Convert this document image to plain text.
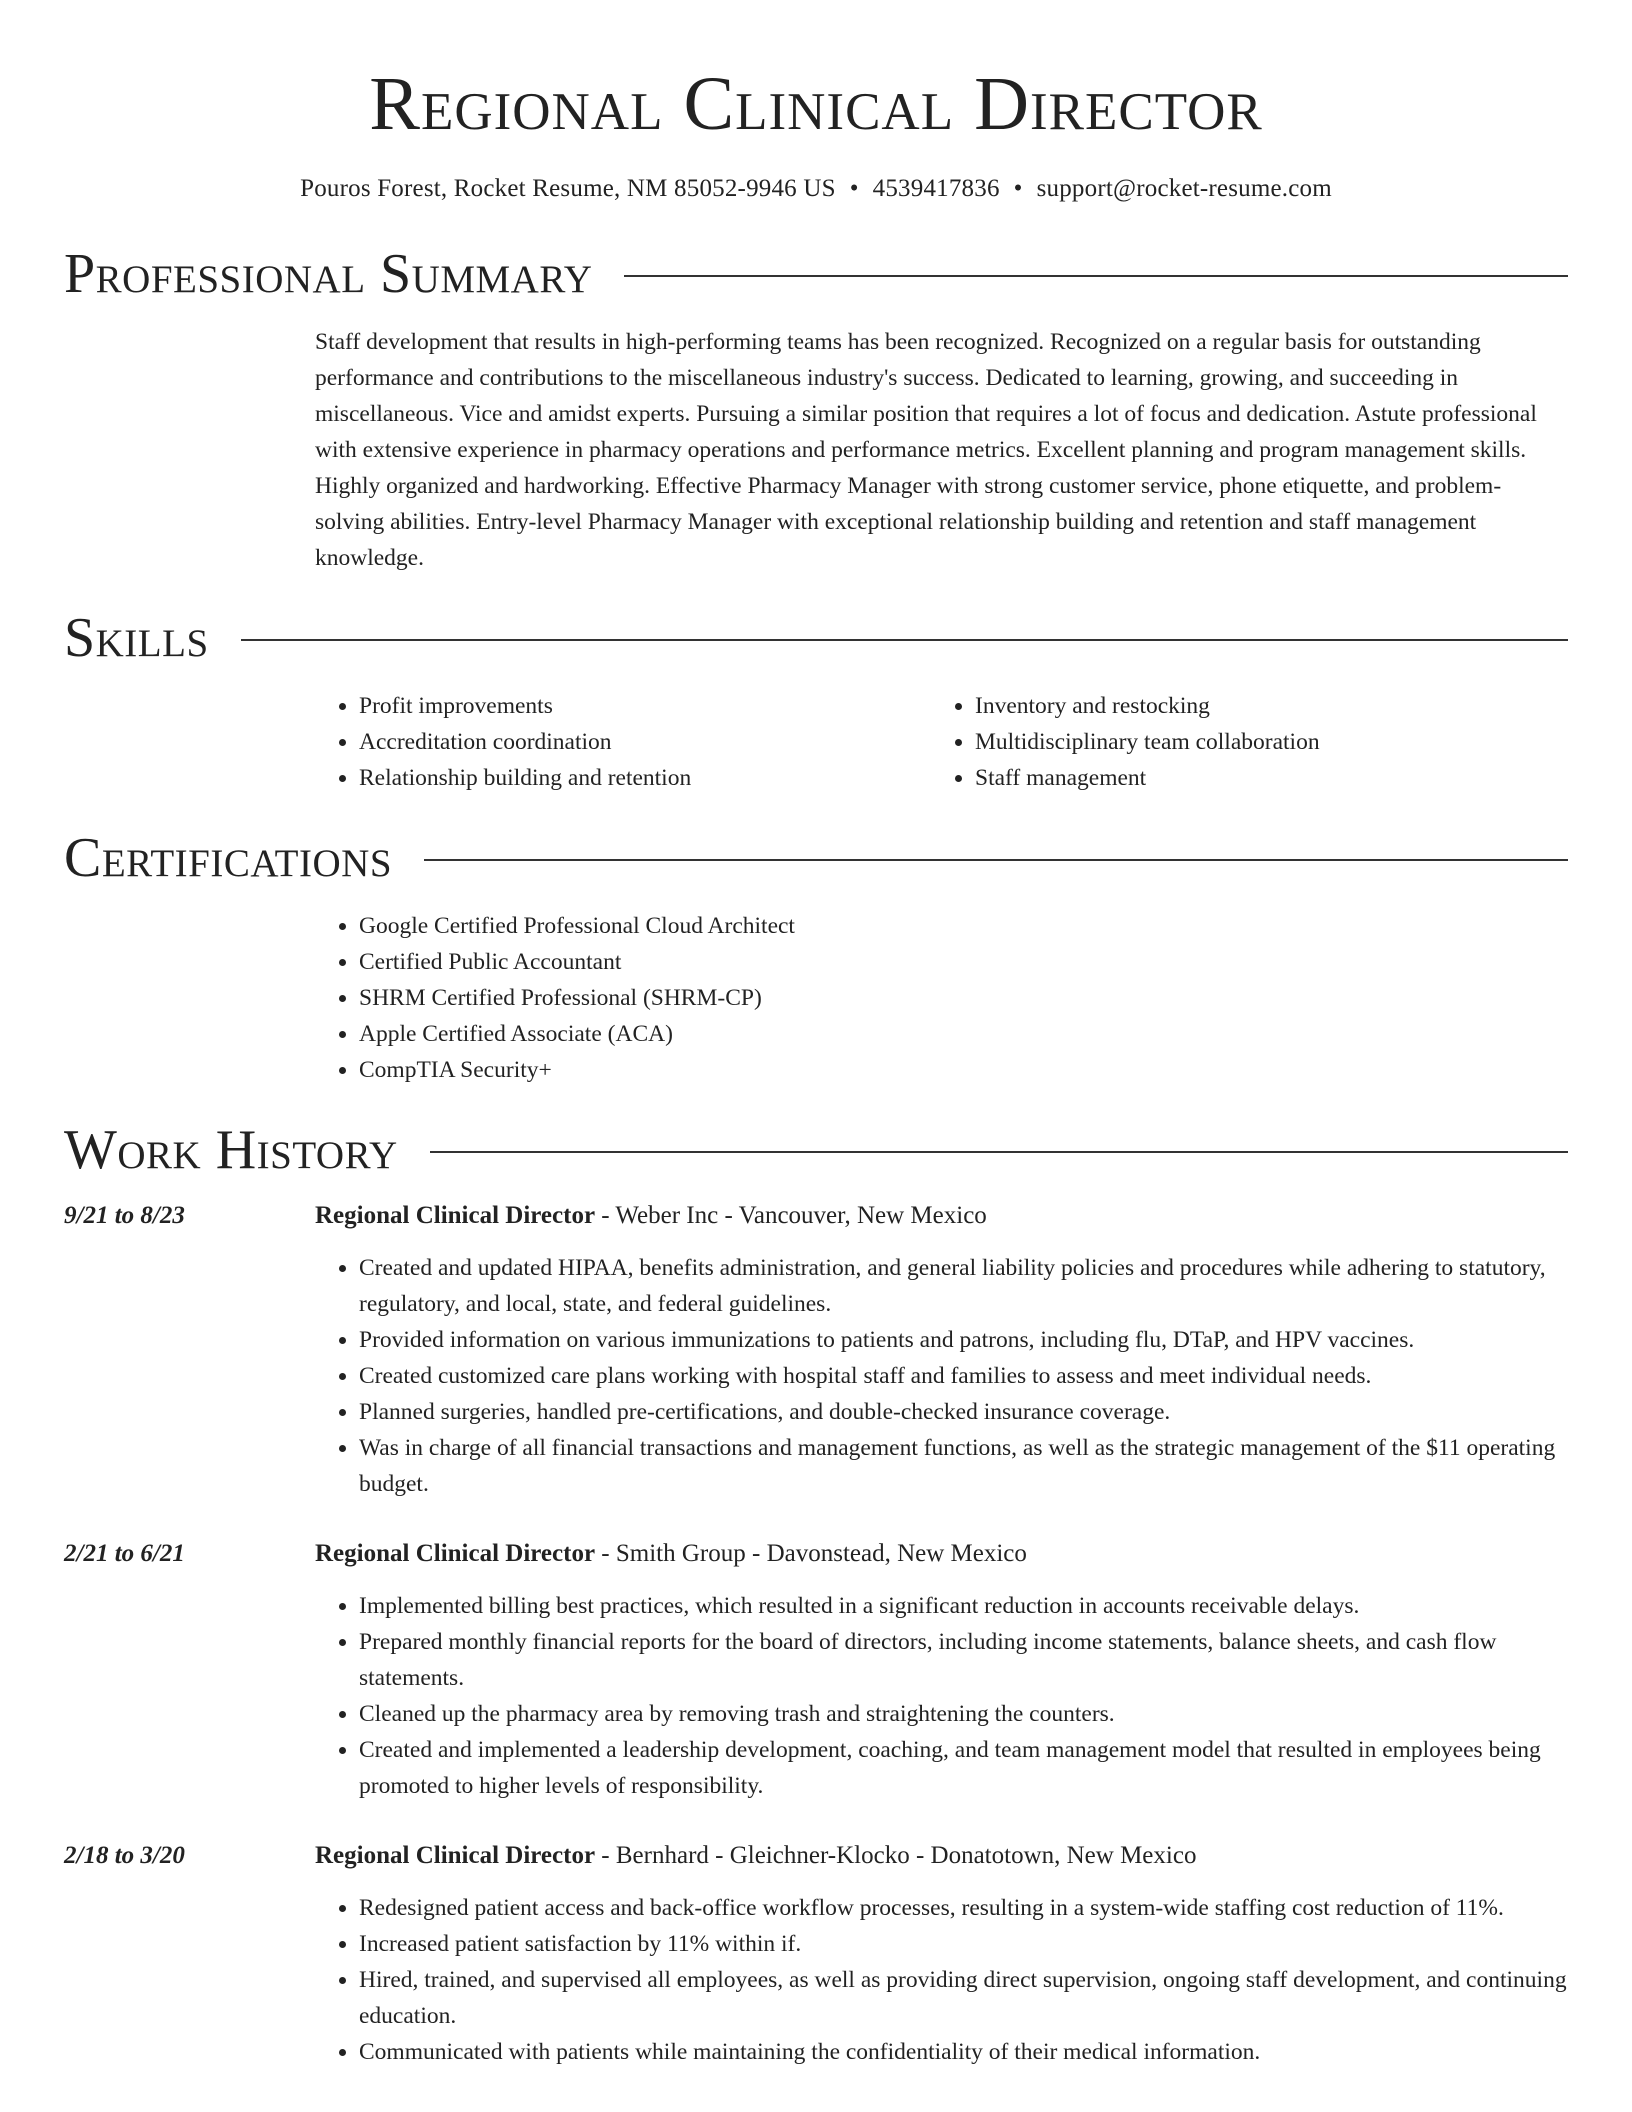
Regional Clinical Director
Pouros Forest, Rocket Resume, NM 85052-9946 US • 4539417836 • support@rocket-resume.com
Professional Summary

Staff development that results in high-performing teams has been recognized. Recognized on a regular basis for outstanding performance and contributions to the miscellaneous industry's success. Dedicated to learning, growing, and succeeding in miscellaneous. Vice and amidst experts. Pursuing a similar position that requires a lot of focus and dedication. Astute professional with extensive experience in pharmacy operations and performance metrics. Excellent planning and program management skills. Highly organized and hardworking. Effective Pharmacy Manager with strong customer service, phone etiquette, and problem-solving abilities. Entry-level Pharmacy Manager with exceptional relationship building and retention and staff management knowledge.

Skills
• Profit improvements
• Accreditation coordination
• Relationship building and retention
• Inventory and restocking
• Multidisciplinary team collaboration
• Staff management
Certifications
• Google Certified Professional Cloud Architect
• Certified Public Accountant
• SHRM Certified Professional (SHRM-CP)
• Apple Certified Associate (ACA)
• CompTIA Security+
Work History
9/21 to 8/23	Regional Clinical Director - Weber Inc - Vancouver, New Mexico
• Created and updated HIPAA, benefits administration, and general liability policies and procedures while adhering to statutory, regulatory, and local, state, and federal guidelines.
• Provided information on various immunizations to patients and patrons, including flu, DTaP, and HPV vaccines.
• Created customized care plans working with hospital staff and families to assess and meet individual needs.
• Planned surgeries, handled pre-certifications, and double-checked insurance coverage.
• Was in charge of all financial transactions and management functions, as well as the strategic management of the $11 operating budget.
2/21 to 6/21	Regional Clinical Director - Smith Group - Davonstead, New Mexico
• Implemented billing best practices, which resulted in a significant reduction in accounts receivable delays.
• Prepared monthly financial reports for the board of directors, including income statements, balance sheets, and cash flow statements.
• Cleaned up the pharmacy area by removing trash and straightening the counters.
• Created and implemented a leadership development, coaching, and team management model that resulted in employees being promoted to higher levels of responsibility.
2/18 to 3/20	Regional Clinical Director - Bernhard - Gleichner-Klocko - Donatotown, New Mexico
• Redesigned patient access and back-office workflow processes, resulting in a system-wide staffing cost reduction of 11%.
• Increased patient satisfaction by 11% within if.
• Hired, trained, and supervised all employees, as well as providing direct supervision, ongoing staff development, and continuing education.
• Communicated with patients while maintaining the confidentiality of their medical information.
